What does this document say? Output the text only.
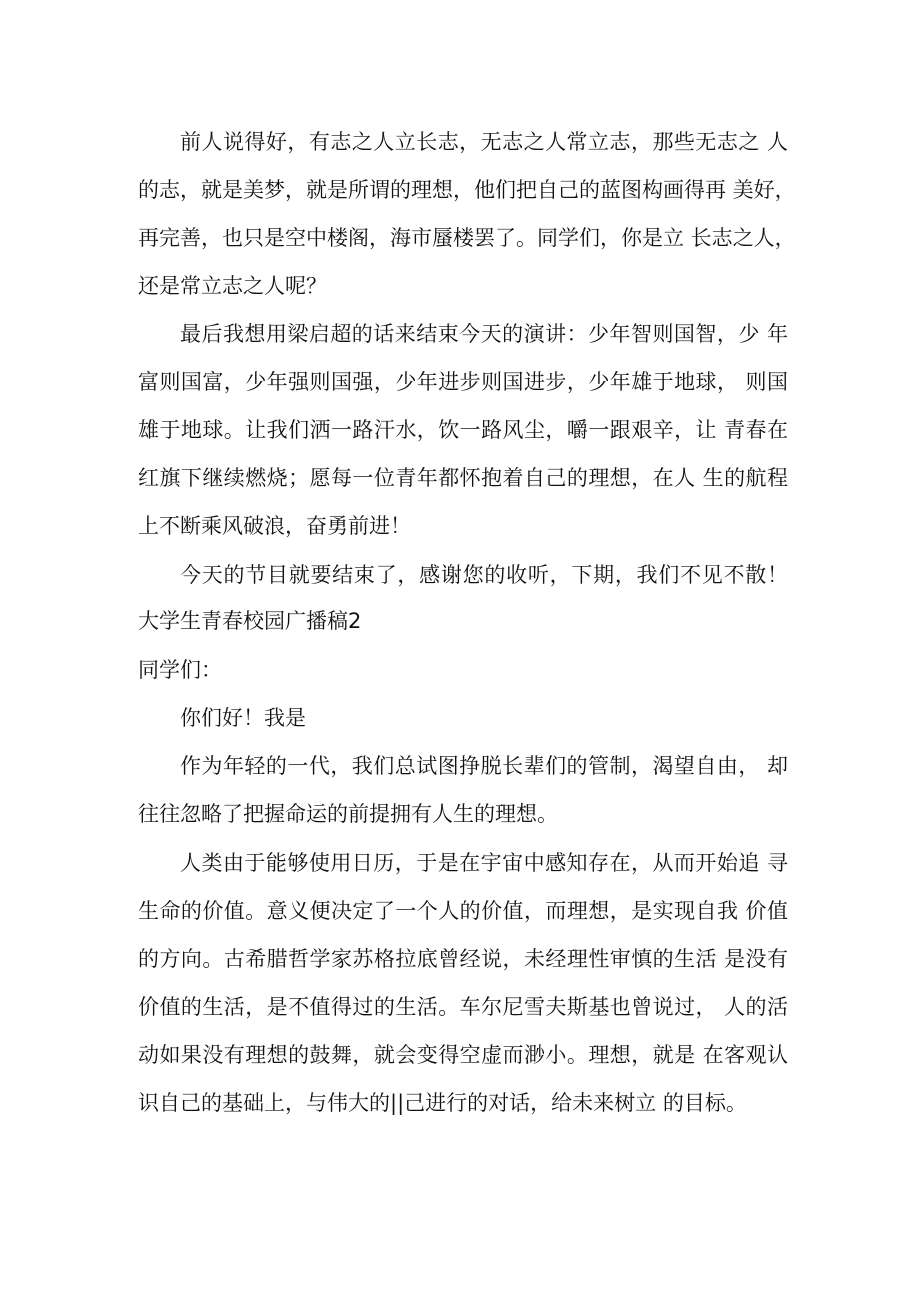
前人说得好，有志之人立长志，无志之人常立志，那些无志之 人
的志，就是美梦，就是所谓的理想，他们把自己的蓝图构画得再 美好，
再完善，也只是空中楼阁，海市蜃楼罢了。同学们，你是立 长志之人，
还是常立志之人呢？
最后我想用梁启超的话来结束今天的演讲：少年智则国智，少 年
富则国富，少年强则国强，少年进步则国进步，少年雄于地球， 则国
雄于地球。让我们洒一路汗水，饮一路风尘，嚼一跟艰辛，让 青春在
红旗下继续燃烧；愿每一位青年都怀抱着自己的理想，在人 生的航程
上不断乘风破浪，奋勇前进！
今天的节目就要结束了，感谢您的收听，下期，我们不见不散！
大学生青春校园广播稿2
同学们：
你们好！我是
作为年轻的一代，我们总试图挣脱长辈们的管制，渴望自由， 却
往往忽略了把握命运的前提拥有人生的理想。
人类由于能够使用日历，于是在宇宙中感知存在，从而开始追 寻
生命的价值。意义便决定了一个人的价值，而理想，是实现自我 价值
的方向。古希腊哲学家苏格拉底曾经说，未经理性审慎的生活 是没有
价值的生活，是不值得过的生活。车尔尼雪夫斯基也曾说过， 人的活
动如果没有理想的鼓舞，就会变得空虚而渺小。理想，就是 在客观认
识自己的基础上，与伟大的||己进行的对话，给未来树立 的目标。
